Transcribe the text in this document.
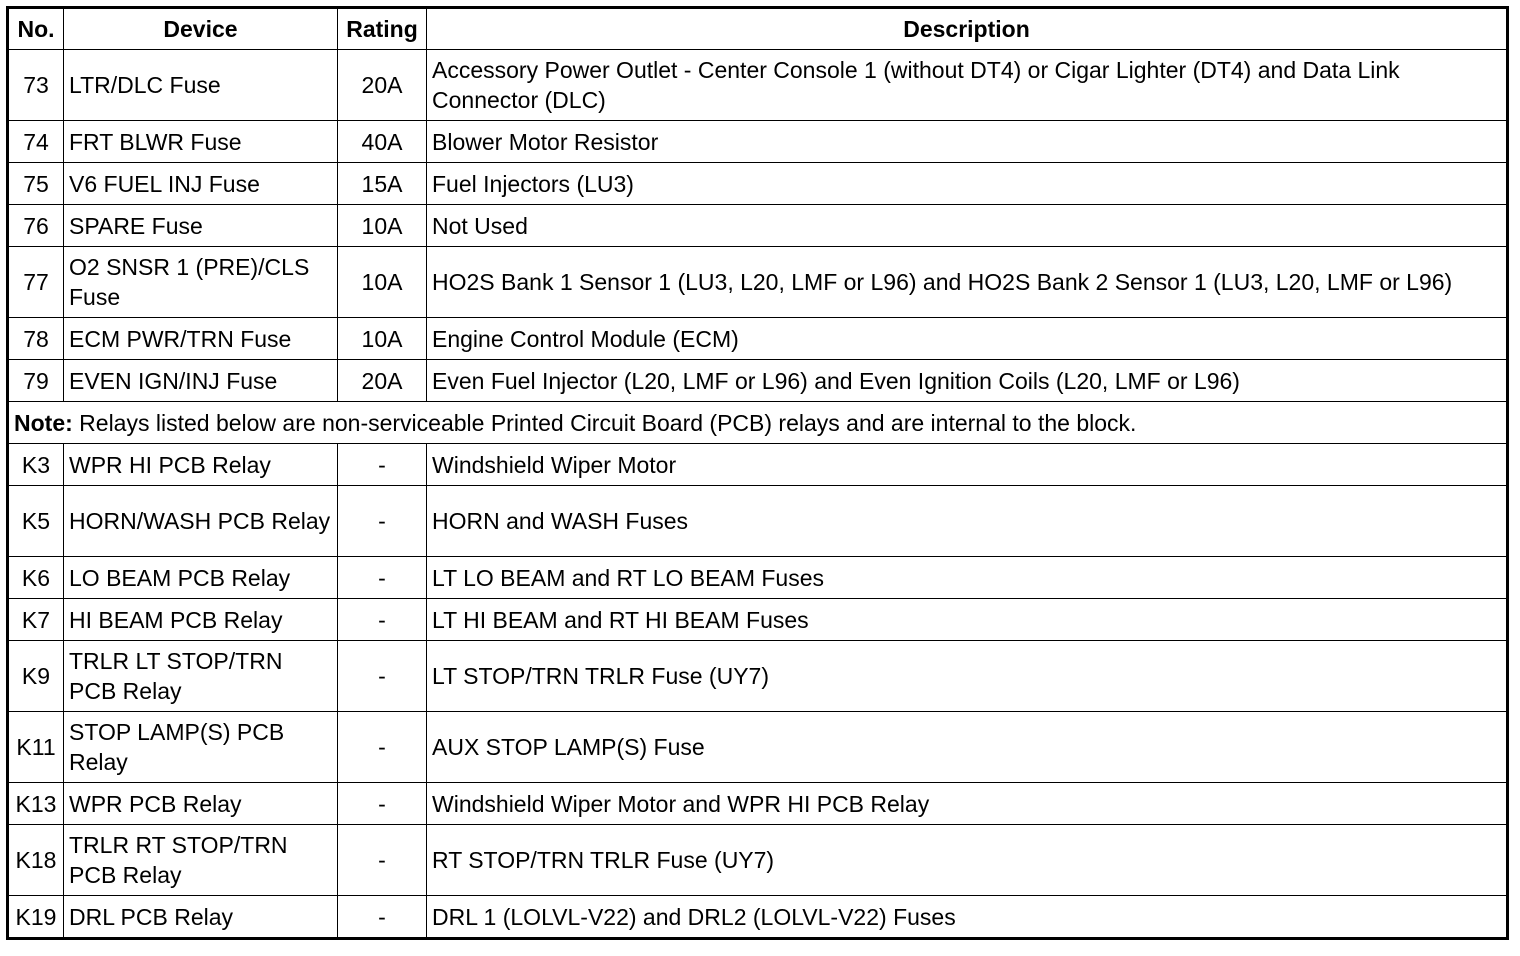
No.	Device	Rating	Description
73	LTR/DLC Fuse	20A	Accessory Power Outlet - Center Console 1 (without DT4) or Cigar Lighter (DT4) and Data Link Connector (DLC)
74	FRT BLWR Fuse	40A	Blower Motor Resistor
75	V6 FUEL INJ Fuse	15A	Fuel Injectors (LU3)
76	SPARE Fuse	10A	Not Used
77	O2 SNSR 1 (PRE)/CLS Fuse	10A	HO2S Bank 1 Sensor 1 (LU3, L20, LMF or L96) and HO2S Bank 2 Sensor 1 (LU3, L20, LMF or L96)
78	ECM PWR/TRN Fuse	10A	Engine Control Module (ECM)
79	EVEN IGN/INJ Fuse	20A	Even Fuel Injector (L20, LMF or L96) and Even Ignition Coils (L20, LMF or L96)
Note: Relays listed below are non-serviceable Printed Circuit Board (PCB) relays and are internal to the block.			
K3	WPR HI PCB Relay	-	Windshield Wiper Motor
K5	HORN/WASH PCB Relay	-	HORN and WASH Fuses
K6	LO BEAM PCB Relay	-	LT LO BEAM and RT LO BEAM Fuses
K7	HI BEAM PCB Relay	-	LT HI BEAM and RT HI BEAM Fuses
K9	TRLR LT STOP/TRN PCB Relay	-	LT STOP/TRN TRLR Fuse (UY7)
K11	STOP LAMP(S) PCB Relay	-	AUX STOP LAMP(S) Fuse
K13	WPR PCB Relay	-	Windshield Wiper Motor and WPR HI PCB Relay
K18	TRLR RT STOP/TRN PCB Relay	-	RT STOP/TRN TRLR Fuse (UY7)
K19	DRL PCB Relay	-	DRL 1 (LOLVL-V22) and DRL2 (LOLVL-V22) Fuses
